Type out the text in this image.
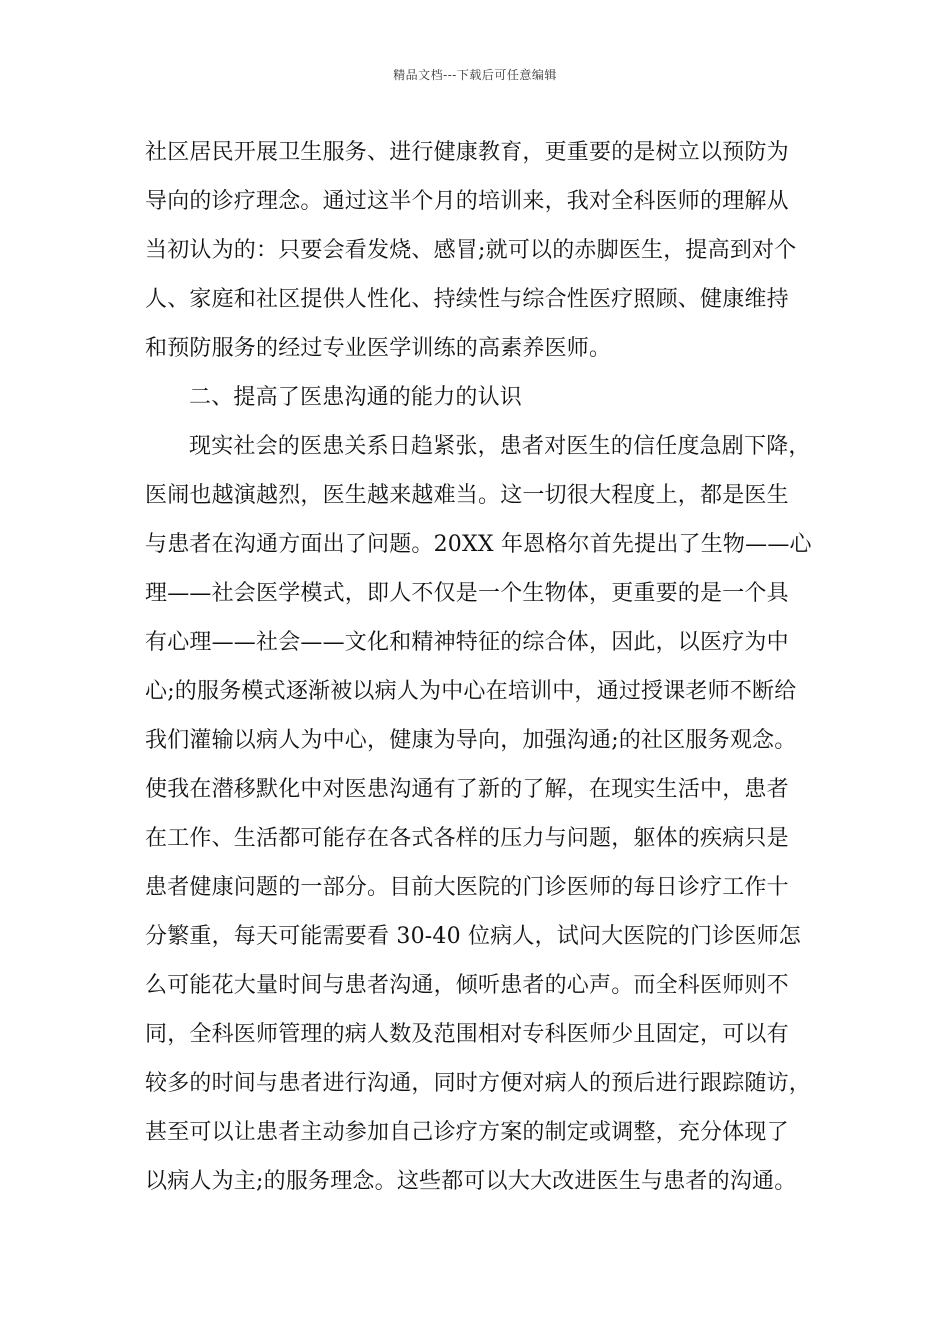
精品文档---下载后可任意编辑
社区居民开展卫生服务、进行健康教育，更重要的是树立以预防为
导向的诊疗理念。通过这半个月的培训来，我对全科医师的理解从
当初认为的：只要会看发烧、感冒;就可以的赤脚医生，提高到对个
人、家庭和社区提供人性化、持续性与综合性医疗照顾、健康维持
和预防服务的经过专业医学训练的高素养医师。
二、提高了医患沟通的能力的认识
现实社会的医患关系日趋紧张，患者对医生的信任度急剧下降，
医闹也越演越烈，医生越来越难当。这一切很大程度上，都是医生
与患者在沟通方面出了问题。20XX 年恩格尔首先提出了生物——心
理——社会医学模式，即人不仅是一个生物体，更重要的是一个具
有心理——社会——文化和精神特征的综合体，因此，以医疗为中
心;的服务模式逐渐被以病人为中心在培训中，通过授课老师不断给
我们灌输以病人为中心，健康为导向，加强沟通;的社区服务观念。
使我在潜移默化中对医患沟通有了新的了解，在现实生活中，患者
在工作、生活都可能存在各式各样的压力与问题，躯体的疾病只是
患者健康问题的一部分。目前大医院的门诊医师的每日诊疗工作十
分繁重，每天可能需要看 30-40 位病人，试问大医院的门诊医师怎
么可能花大量时间与患者沟通，倾听患者的心声。而全科医师则不
同，全科医师管理的病人数及范围相对专科医师少且固定，可以有
较多的时间与患者进行沟通，同时方便对病人的预后进行跟踪随访，
甚至可以让患者主动参加自己诊疗方案的制定或调整，充分体现了
以病人为主;的服务理念。这些都可以大大改进医生与患者的沟通。
